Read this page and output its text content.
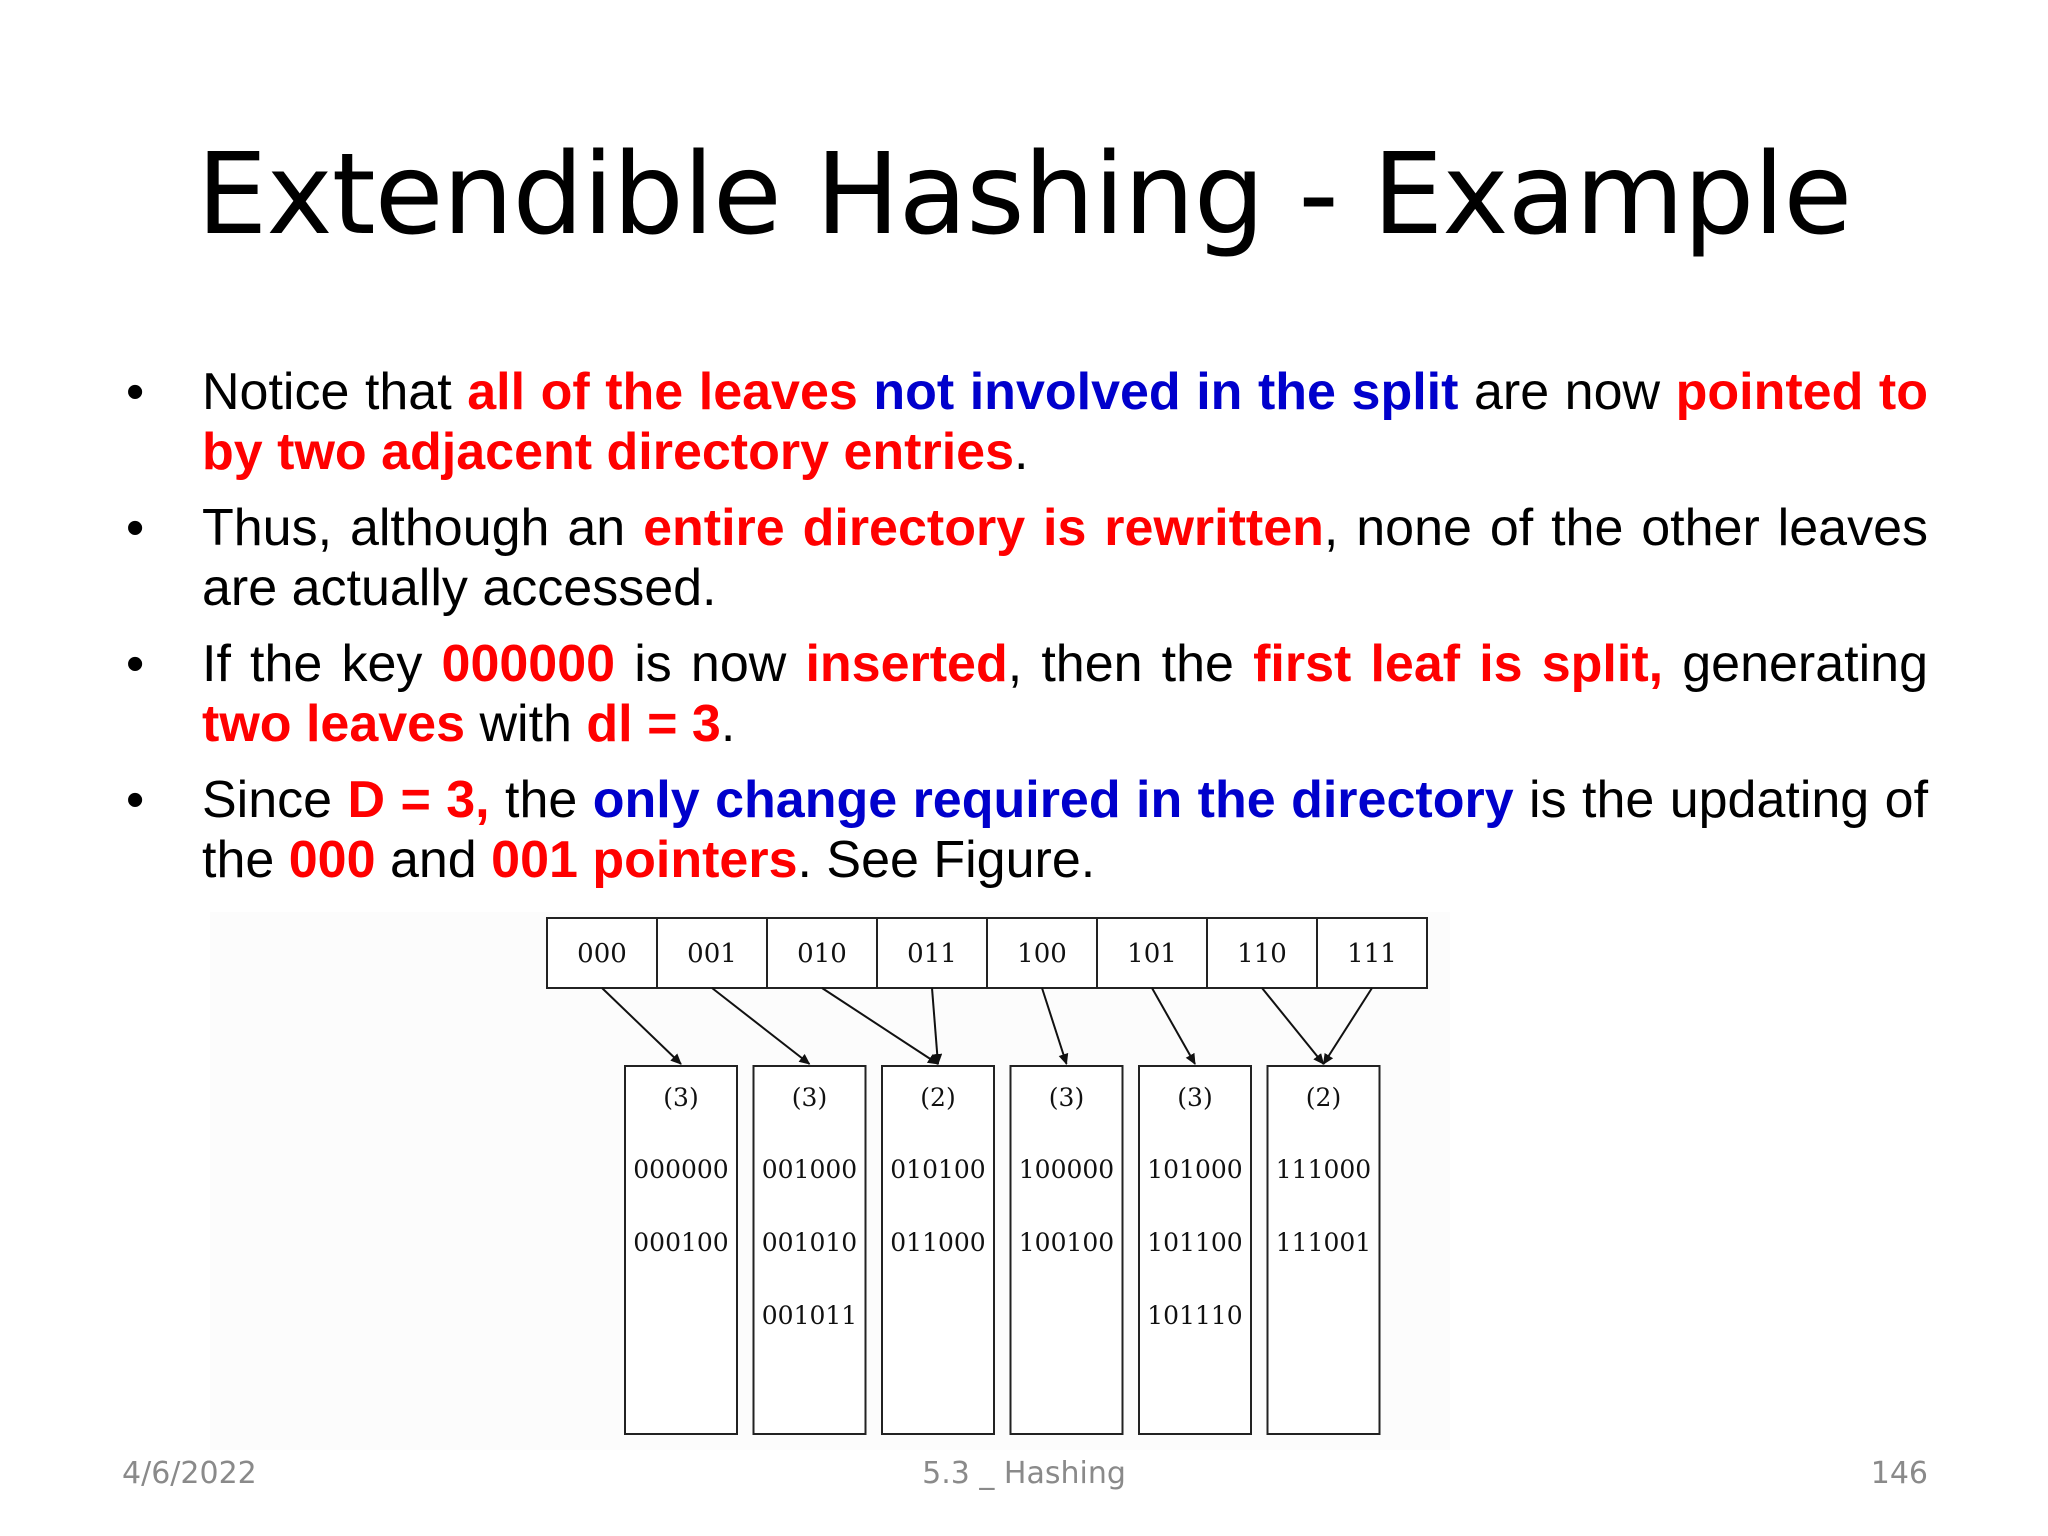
Extendible Hashing - Example
• Notice that all of the leaves not involved in the split are now pointed to by two adjacent directory entries.
• Thus, although an entire directory is rewritten, none of the other leaves are actually accessed.
• If the key 000000 is now inserted, then the first leaf is split, generating two leaves with dl = 3.
• Since D = 3, the only change required in the directory is the updating of the 000 and 001 pointers. See Figure.
000 001 010 011 100 101 110 111
(3)
000000
000100
(3)
001000
001010
001011
(2)
010100
011000
(3)
100000
100100
(3)
101000
101100
101110
(2)
111000
111001
4/6/2022	5.3 _ Hashing	146
